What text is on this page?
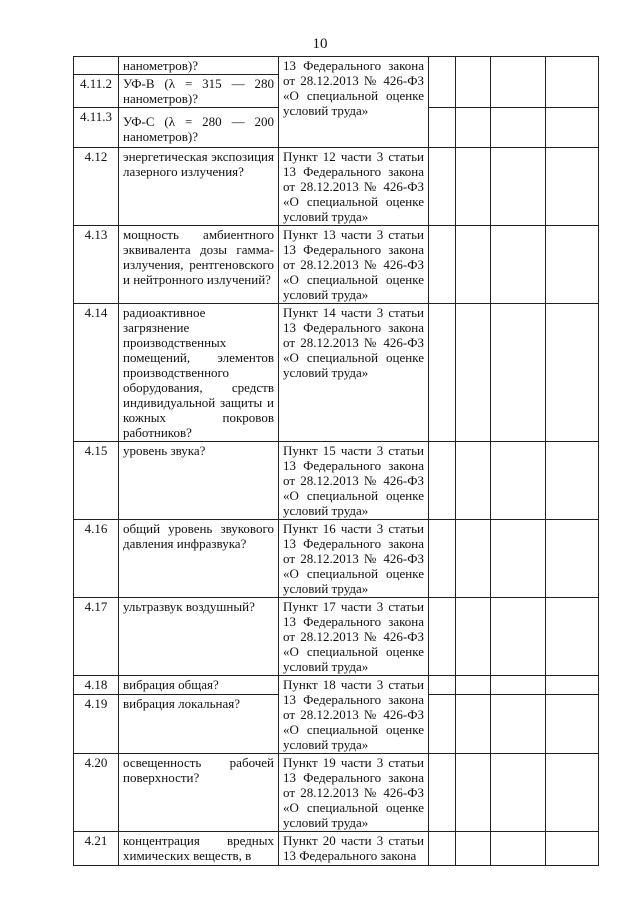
10
	нанометров)?	13 Федерального закона от 28.12.2013 № 426-ФЗ «О специальной оценке условий труда»				
4.11.2	УФ-В (λ = 315 — 280 нанометров)?					
4.11.3	УФ-С (λ = 280 — 200 нанометров)?					
4.12	энергетическая экспозиция лазерного излучения?	Пункт 12 части 3 статьи 13 Федерального закона от 28.12.2013 № 426-ФЗ «О специальной оценке условий труда»				
4.13	мощность амбиентного эквивалента дозы гамма-излучения, рентгеновского и нейтронного излучений?	Пункт 13 части 3 статьи 13 Федерального закона от 28.12.2013 № 426-ФЗ «О специальной оценке условий труда»				
4.14	радиоактивное загрязнение производственных помещений, элементов производственного оборудования, средств индивидуальной защиты и кожных покровов работников?	Пункт 14 части 3 статьи 13 Федерального закона от 28.12.2013 № 426-ФЗ «О специальной оценке условий труда»				
4.15	уровень звука?	Пункт 15 части 3 статьи 13 Федерального закона от 28.12.2013 № 426-ФЗ «О специальной оценке условий труда»				
4.16	общий уровень звукового давления инфразвука?	Пункт 16 части 3 статьи 13 Федерального закона от 28.12.2013 № 426-ФЗ «О специальной оценке условий труда»				
4.17	ультразвук воздушный?	Пункт 17 части 3 статьи 13 Федерального закона от 28.12.2013 № 426-ФЗ «О специальной оценке условий труда»				
4.18	вибрация общая?	Пункт 18 части 3 статьи 13 Федерального закона от 28.12.2013 № 426-ФЗ «О специальной оценке условий труда»				
4.19	вибрация локальная?					
4.20	освещенность рабочей поверхности?	Пункт 19 части 3 статьи 13 Федерального закона от 28.12.2013 № 426-ФЗ «О специальной оценке условий труда»				
4.21	концентрация вредных химических веществ, в	Пункт 20 части 3 статьи 13 Федерального закона				
